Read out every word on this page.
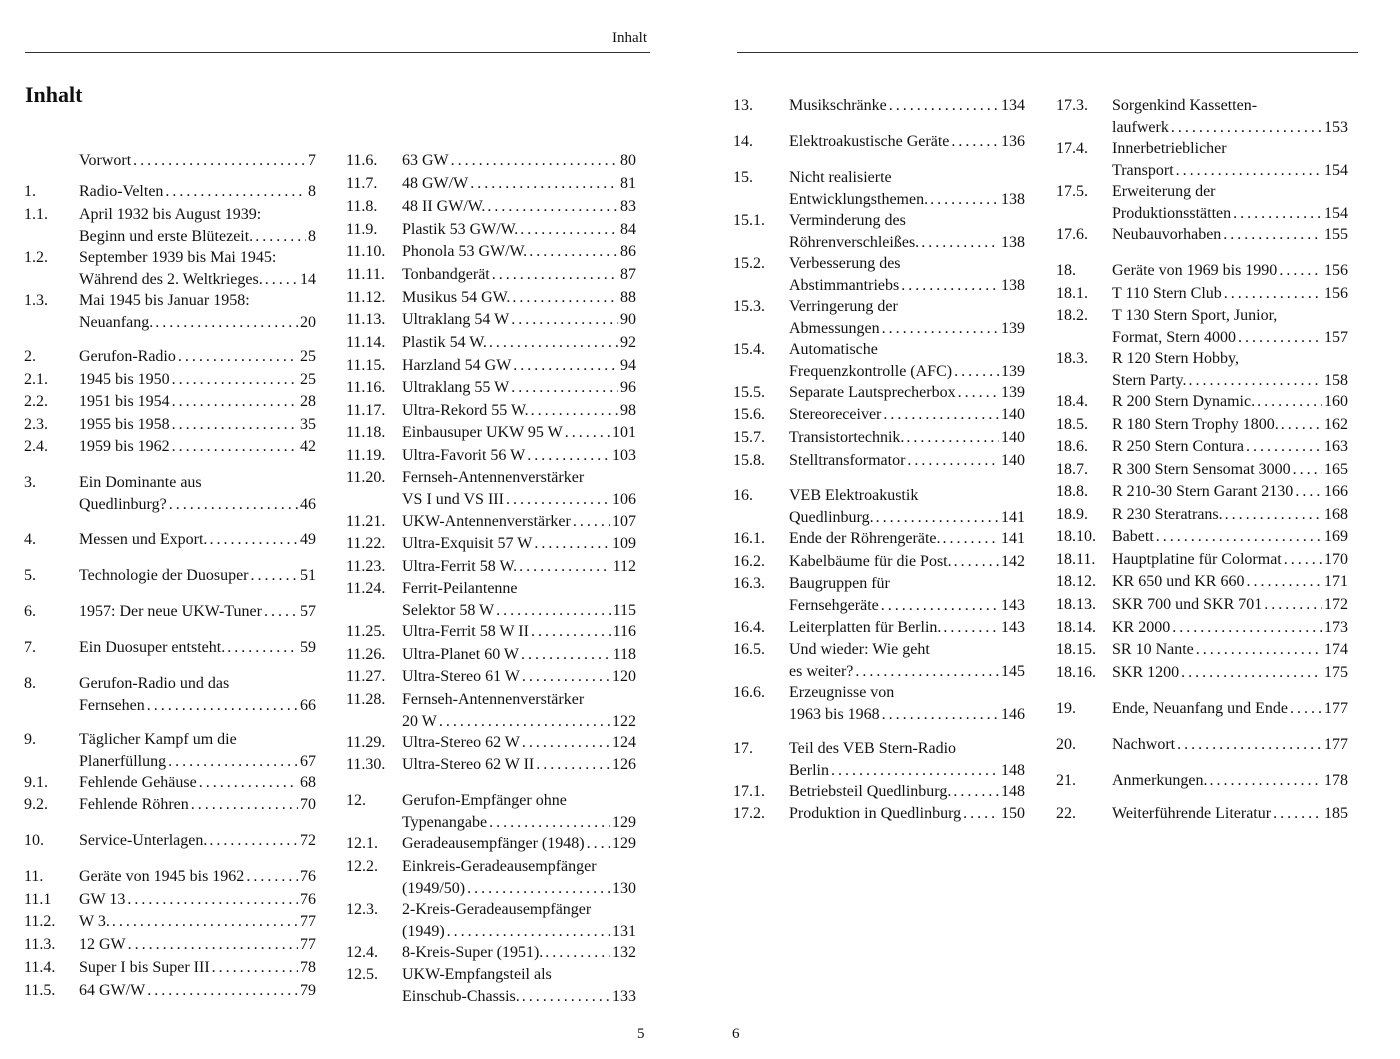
Inhalt
Inhalt
Vorwort . . .	7
1.	Radio-Velten . . .	8
1.1. April 1932 bis August 1939:
Beginn und erste Blütezeit. . . .	8
1.2. September 1939 bis Mai 1945:
Während des 2. Weltkrieges. . . . 14
1.3. Mai 1945 bis Januar 1958:
Neuanfang. . . .	20
2.	Gerufon-Radio . . .	25
2.1. 1945 bis 1950 . . .	25
2.2. 1951 bis 1954 . . .	28
2.3. 1955 bis 1958 . . .	35
2.4. 1959 bis 1962 . . .	42
3.	Ein Dominante aus
Quedlinburg? . . .	46
4.	Messen und Export. . . .	49
5.	Technologie der Duosuper . . .	51
6.	1957: Der neue UKW-Tuner . . . 57
7.	Ein Duosuper entsteht. . . .	59
8.	Gerufon-Radio und das
Fernsehen . . .	66
9.	Täglicher Kampf um die
Planerfüllung . . .	67
9.1. Fehlende Gehäuse . . .	68
9.2. Fehlende Röhren . . .	70
10. Service-Unterlagen. . . .	72
11. Geräte von 1945 bis 1962 . . .	76
11.1 GW 13 . . .	76
11.2. W 3. . . .	77
11.3. 12 GW . . .	77
11.4. Super I bis Super III . . .	78
11.5. 64 GW/W . . .	79
11.6. 63 GW . . .	80
11.7. 48 GW/W . . .	81
11.8. 48 II GW/W. . . .	83
11.9. Plastik 53 GW/W. . . .	84
11.10. Phonola 53 GW/W. . . .	86
11.11. Tonbandgerät . . .	87
11.12. Musikus 54 GW. . . .	88
11.13. Ultraklang 54 W . . .	90
11.14. Plastik 54 W. . . .	92
11.15. Harzland 54 GW . . .	94
11.16. Ultraklang 55 W . . .	96
11.17. Ultra-Rekord 55 W. . . .	98
11.18. Einbausuper UKW 95 W . . .	101
11.19. Ultra-Favorit 56 W . . .	103
11.20. Fernseh-Antennenverstärker
VS I und VS III . . .	106
11.21. UKW-Antennenverstärker . . .	107
11.22. Ultra-Exquisit 57 W . . .	109
11.23. Ultra-Ferrit 58 W. . . .	112
11.24. Ferrit-Peilantenne
Selektor 58 W . . .	115
11.25. Ultra-Ferrit 58 W II . . .	116
11.26. Ultra-Planet 60 W . . .	118
11.27. Ultra-Stereo 61 W . . .	120
11.28. Fernseh-Antennenverstärker
20 W . . .	122
11.29. Ultra-Stereo 62 W . . .	124
11.30. Ultra-Stereo 62 W II . . .	126
12. Gerufon-Empfänger ohne
Typenangabe . . .	129
12.1. Geradeausempfänger (1948) . . . 129
12.2. Einkreis-Geradeausempfänger
(1949/50) . . .	130
12.3. 2-Kreis-Geradeausempfänger
(1949) . . .	131
12.4. 8-Kreis-Super (1951). . . .	132
12.5. UKW-Empfangsteil als
Einschub-Chassis. . . .	133
13. Musikschränke . . .	134
14. Elektroakustische Geräte . . .	136
15. Nicht realisierte
Entwicklungsthemen. . . .	138
15.1. Verminderung des
Röhrenverschleißes. . . .	138
15.2. Verbesserung des
Abstimmantriebs . . .	138
15.3. Verringerung der
Abmessungen . . .	139
15.4. Automatische
Frequenzkontrolle (AFC) . . .	139
15.5. Separate Lautsprecherbox . . .	139
15.6. Stereoreceiver . . .	140
15.7. Transistortechnik. . . .	140
15.8. Stelltransformator . . .	140
16. VEB Elektroakustik
Quedlinburg. . . .	141
16.1. Ende der Röhrengeräte. . . .	141
16.2. Kabelbäume für die Post. . . .	142
16.3. Baugruppen für
Fernsehgeräte . . .	143
16.4. Leiterplatten für Berlin. . . .	143
16.5. Und wieder: Wie geht
es weiter? . . .	145
16.6. Erzeugnisse von
1963 bis 1968 . . .	146
17. Teil des VEB Stern-Radio
Berlin . . .	148
17.1. Betriebsteil Quedlinburg. . . .	148
17.2. Produktion in Quedlinburg . . . 150
17.3. Sorgenkind Kassetten-
laufwerk . . .	153
17.4. Innerbetrieblicher
Transport . . .	154
17.5. Erweiterung der
Produktionsstätten . . .	154
17.6. Neubauvorhaben . . .	155
18. Geräte von 1969 bis 1990 . . .	156
18.1. T 110 Stern Club . . .	156
18.2. T 130 Stern Sport, Junior,
Format, Stern 4000 . . .	157
18.3. R 120 Stern Hobby,
Stern Party. . . .	158
18.4. R 200 Stern Dynamic. . . .	160
18.5. R 180 Stern Trophy 1800. . . .	162
18.6. R 250 Stern Contura . . .	163
18.7. R 300 Stern Sensomat 3000 . . . 165
18.8. R 210-30 Stern Garant 2130 . . . 166
18.9. R 230 Steratrans. . . .	168
18.10. Babett . . .	169
18.11. Hauptplatine für Colormat . . .	170
18.12. KR 650 und KR 660 . . .	171
18.13. SKR 700 und SKR 701 . . .	172
18.14. KR 2000 . . .	173
18.15. SR 10 Nante . . .	174
18.16. SKR 1200 . . .	175
19. Ende, Neuanfang und Ende . . . 177
20. Nachwort . . .	177
21. Anmerkungen. . . .	178
22. Weiterführende Literatur . . .	185
5	6
